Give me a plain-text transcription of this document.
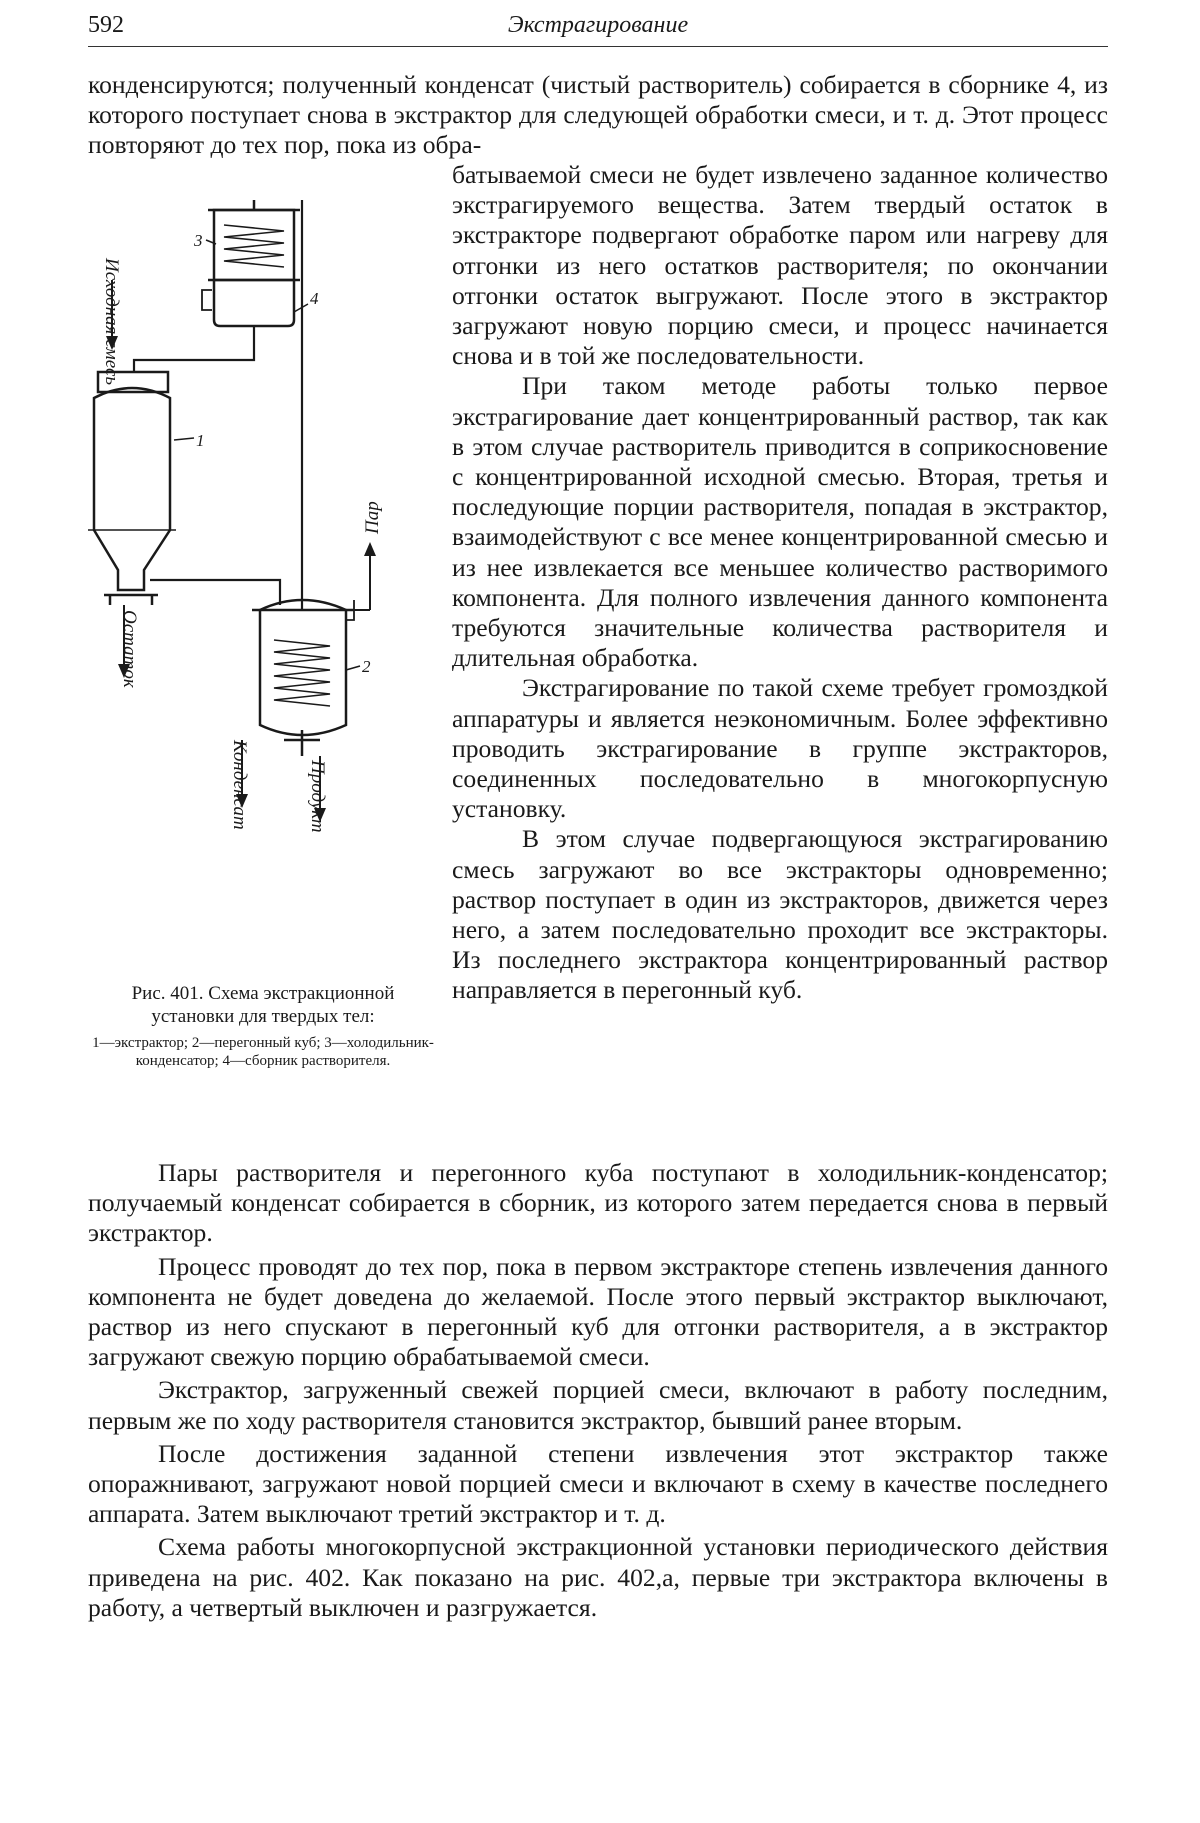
592	Экстрагирование

конденсируются; полученный конденсат (чистый растворитель) собирается в сборнике 4, из которого поступает снова в экстрактор для следующей обработки смеси, и т. д. Этот процесс повторяют до тех пор, пока из обра-

Исходная смесь
Остаток
Пар
Конденсат	Продукт
1
2
3
4
Рис. 401. Схема экстракционной установки для твердых тел:
1—экстрактор; 2—перегонный куб; 3—холодильник-конденсатор; 4—сборник растворителя.

батываемой смеси не будет извлечено заданное количество экстрагируемого вещества. Затем твердый остаток в экстракторе подвергают обработке паром или нагреву для отгонки из него остатков растворителя; по окончании отгонки остаток выгружают. После этого в экстрактор загружают новую порцию смеси, и процесс начинается снова и в той же последовательности.

При таком методе работы только первое экстрагирование дает концентрированный раствор, так как в этом случае растворитель приводится в соприкосновение с концентрированной исходной смесью. Вторая, третья и последующие порции растворителя, попадая в экстрактор, взаимодействуют с все менее концентрированной смесью и из нее извлекается все меньшее количество растворимого компонента. Для полного извлечения данного компонента требуются значительные количества растворителя и длительная обработка.

Экстрагирование по такой схеме требует громоздкой аппаратуры и является неэкономичным. Более эффективно проводить экстрагирование в группе экстракторов, соединенных последовательно в многокорпусную установку.

В этом случае подвергающуюся экстрагированию смесь загружают во все экстракторы одновременно; раствор поступает в один из экстракторов, движется через него, а затем последовательно проходит все экстракторы. Из последнего экстрактора концентрированный раствор направляется в перегонный куб.

Пары растворителя и перегонного куба поступают в холодильник-конденсатор; получаемый конденсат собирается в сборник, из которого затем передается снова в первый экстрактор.

Процесс проводят до тех пор, пока в первом экстракторе степень извлечения данного компонента не будет доведена до желаемой. После этого первый экстрактор выключают, раствор из него спускают в перегонный куб для отгонки растворителя, а в экстрактор загружают свежую порцию обрабатываемой смеси.

Экстрактор, загруженный свежей порцией смеси, включают в работу последним, первым же по ходу растворителя становится экстрактор, бывший ранее вторым.

После достижения заданной степени извлечения этот экстрактор также опоражнивают, загружают новой порцией смеси и включают в схему в качестве последнего аппарата. Затем выключают третий экстрактор и т. д.

Схема работы многокорпусной экстракционной установки периодического действия приведена на рис. 402. Как показано на рис. 402,а, первые три экстрактора включены в работу, а четвертый выключен и разгружается.
